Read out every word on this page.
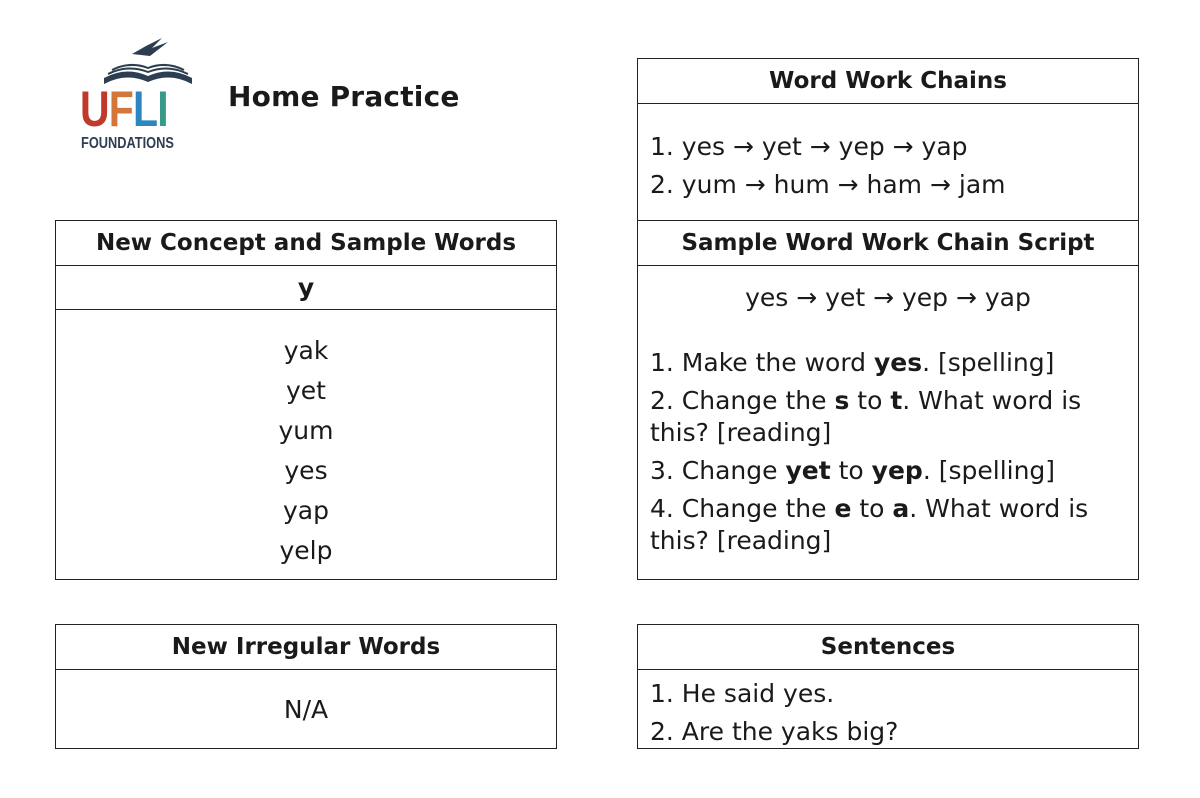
UFLI
FOUNDATIONS
Home Practice
New Concept and Sample Words
y
yak
yet
yum
yes
yap
yelp
Word Work Chains
1. yes → yet → yep → yap
2. yum → hum → ham → jam
Sample Word Work Chain Script
yes → yet → yep → yap
1. Make the word yes. [spelling]
2. Change the s to t. What word is this? [reading]
3. Change yet to yep. [spelling]
4. Change the e to a. What word is this? [reading]
New Irregular Words
N/A
Sentences
1. He said yes.
2. Are the yaks big?
